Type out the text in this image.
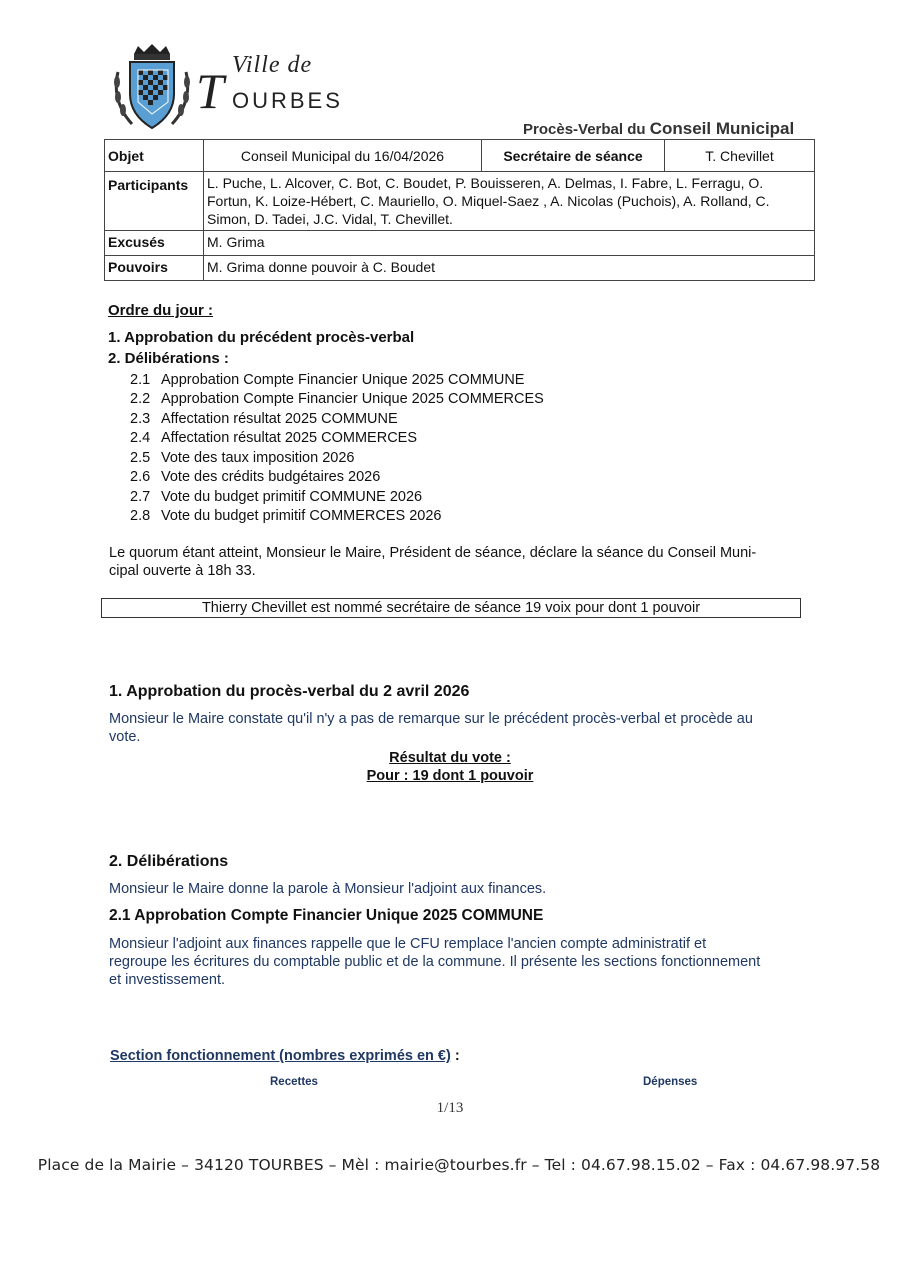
Ville de
T OURBES
Procès-Verbal du Conseil Municipal
Objet	Conseil Municipal du 16/04/2026	Secrétaire de séance	T. Chevillet
Participants	L. Puche, L. Alcover, C. Bot, C. Boudet, P. Bouisseren, A. Delmas, I. Fabre, L. Ferragu, O. Fortun, K. Loize-Hébert, C. Mauriello, O. Miquel-Saez , A. Nicolas (Puchois), A. Rolland, C. Simon, D. Tadei, J.C. Vidal, T. Chevillet.		
Excusés	M. Grima		
Pouvoirs	M. Grima donne pouvoir à C. Boudet		
Ordre du jour :
1. Approbation du précédent procès-verbal
2. Délibérations :
2.1 Approbation Compte Financier Unique 2025 COMMUNE
2.2 Approbation Compte Financier Unique 2025 COMMERCES
2.3 Affectation résultat 2025 COMMUNE
2.4 Affectation résultat 2025 COMMERCES
2.5 Vote des taux imposition 2026
2.6 Vote des crédits budgétaires 2026
2.7 Vote du budget primitif COMMUNE 2026
2.8 Vote du budget primitif COMMERCES 2026
Le quorum étant atteint, Monsieur le Maire, Président de séance, déclare la séance du Conseil Muni-
cipal ouverte à 18h 33.
Thierry Chevillet est nommé secrétaire de séance 19 voix pour dont 1 pouvoir
1. Approbation du procès-verbal du 2 avril 2026
Monsieur le Maire constate qu'il n'y a pas de remarque sur le précédent procès-verbal et procède au
vote.
Résultat du vote :
Pour : 19 dont 1 pouvoir
2. Délibérations
Monsieur le Maire donne la parole à Monsieur l'adjoint aux finances.
2.1 Approbation Compte Financier Unique 2025 COMMUNE
Monsieur l'adjoint aux finances rappelle que le CFU remplace l'ancien compte administratif et
regroupe les écritures du comptable public et de la commune. Il présente les sections fonctionnement
et investissement.
Section fonctionnement (nombres exprimés en €) :
Recettes	Dépenses
1/13
Place de la Mairie – 34120 TOURBES – Mèl : mairie@tourbes.fr – Tel : 04.67.98.15.02 – Fax : 04.67.98.97.58
